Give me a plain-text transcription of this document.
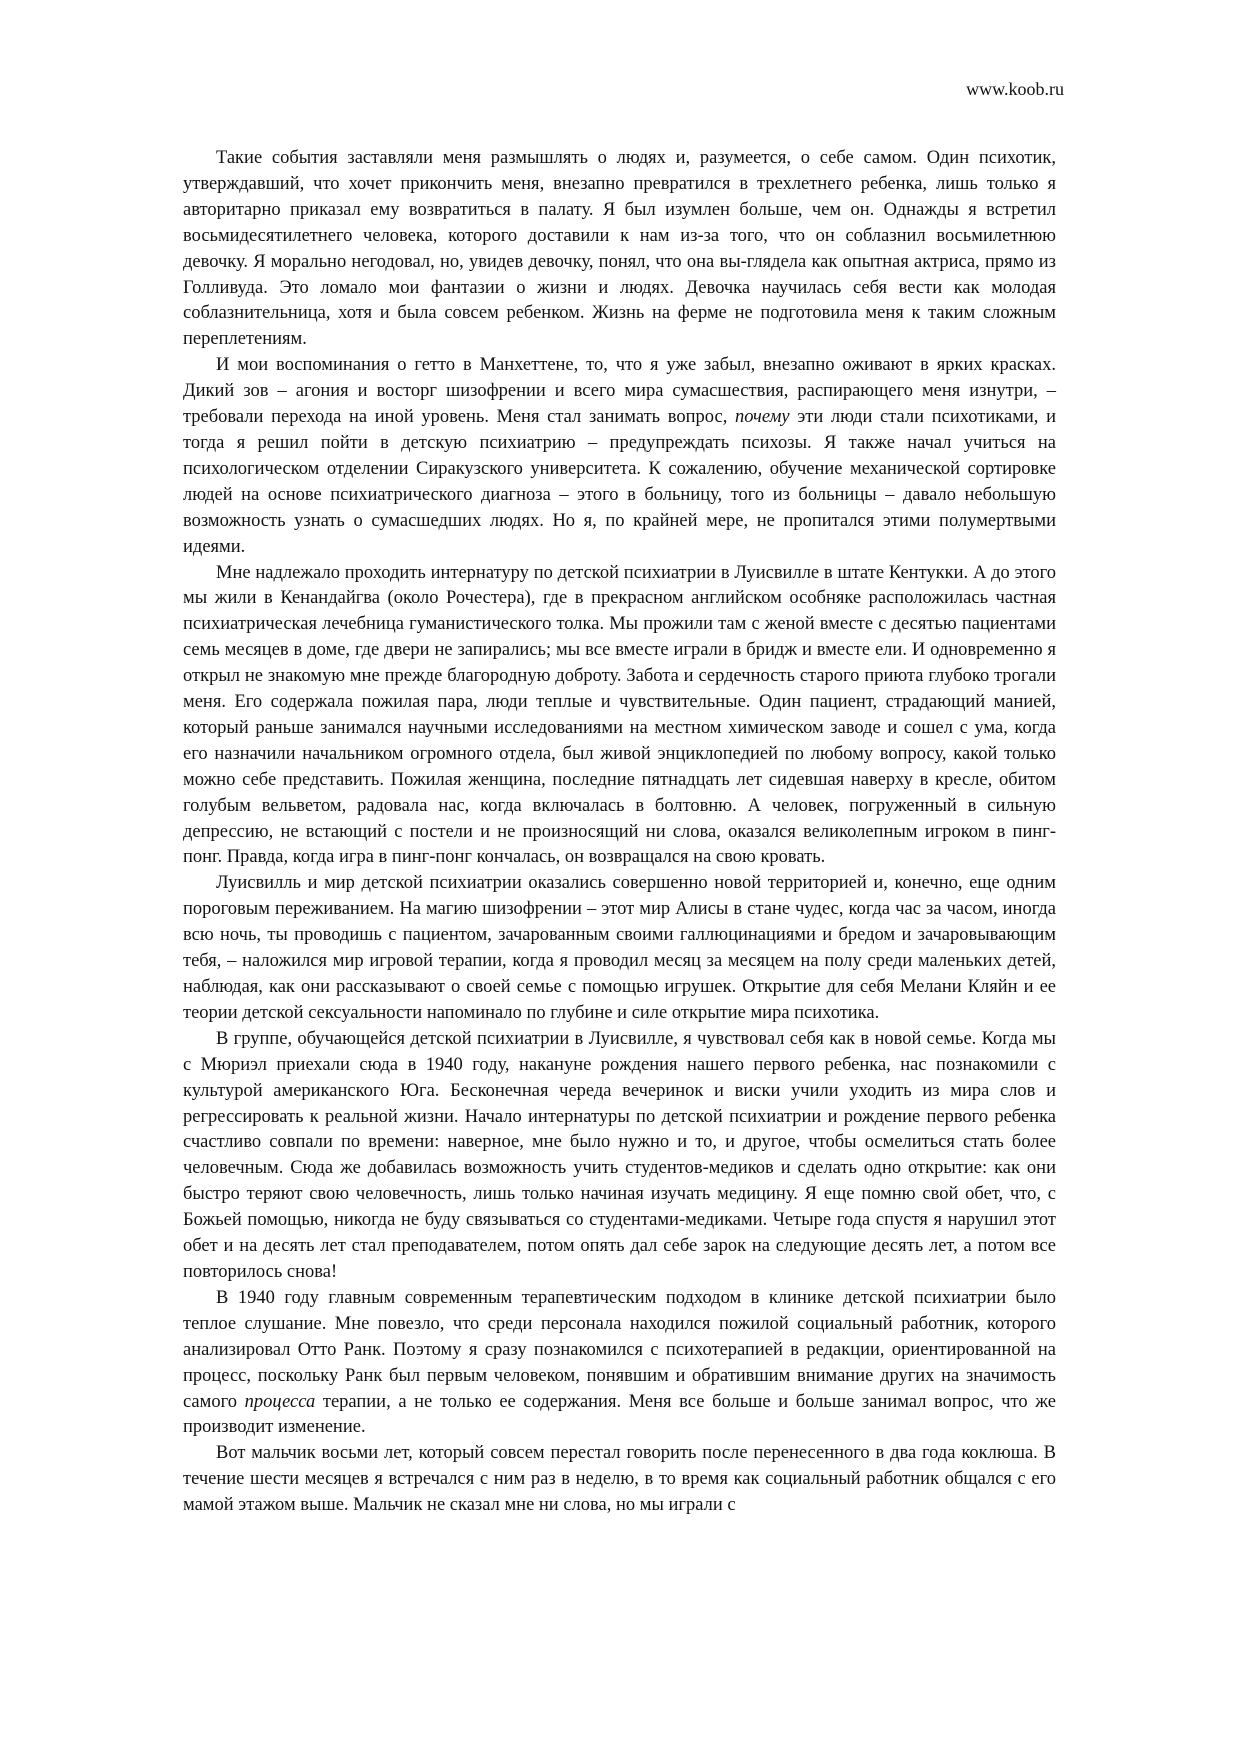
www.koob.ru

Такие события заставляли меня размышлять о людях и, разумеется, о себе самом. Один психотик, утверждавший, что хочет прикончить меня, внезапно превратился в трехлетнего ребенка, лишь только я авторитарно приказал ему возвратиться в палату. Я был изумлен больше, чем он. Однажды я встретил восьмидесятилетнего человека, которого доставили к нам из-за того, что он соблазнил восьмилетнюю девочку. Я морально негодовал, но, увидев девочку, понял, что она вы-глядела как опытная актриса, прямо из Голливуда. Это ломало мои фантазии о жизни и людях. Девочка научилась себя вести как молодая соблазнительница, хотя и была совсем ребенком. Жизнь на ферме не подготовила меня к таким сложным переплетениям.

И мои воспоминания о гетто в Манхеттене, то, что я уже забыл, внезапно оживают в ярких красках. Дикий зов – агония и восторг шизофрении и всего мира сумасшествия, распирающего меня изнутри, – требовали перехода на иной уровень. Меня стал занимать вопрос, почему эти люди стали психотиками, и тогда я решил пойти в детскую психиатрию – предупреждать психозы. Я также начал учиться на психологическом отделении Сиракузского университета. К сожалению, обучение механической сортировке людей на основе психиатрического диагноза – этого в больницу, того из больницы – давало небольшую возможность узнать о сумасшедших людях. Но я, по крайней мере, не пропитался этими полумертвыми идеями.

Мне надлежало проходить интернатуру по детской психиатрии в Луисвилле в штате Кентукки. А до этого мы жили в Кенандайгва (около Рочестера), где в прекрасном английском особняке расположилась частная психиатрическая лечебница гуманистического толка. Мы прожили там с женой вместе с десятью пациентами семь месяцев в доме, где двери не запирались; мы все вместе играли в бридж и вместе ели. И одновременно я открыл не знакомую мне прежде благородную доброту. Забота и сердечность старого приюта глубоко трогали меня. Его содержала пожилая пара, люди теплые и чувствительные. Один пациент, страдающий манией, который раньше занимался научными исследованиями на местном химическом заводе и сошел с ума, когда его назначили начальником огромного отдела, был живой энциклопедией по любому вопросу, какой только можно себе представить. Пожилая женщина, последние пятнадцать лет сидевшая наверху в кресле, обитом голубым вельветом, радовала нас, когда включалась в болтовню. А человек, погруженный в сильную депрессию, не встающий с постели и не произносящий ни слова, оказался великолепным игроком в пинг-понг. Правда, когда игра в пинг-понг кончалась, он возвращался на свою кровать.

Луисвилль и мир детской психиатрии оказались совершенно новой территорией и, конечно, еще одним пороговым переживанием. На магию шизофрении – этот мир Алисы в стане чудес, когда час за часом, иногда всю ночь, ты проводишь с пациентом, зачарованным своими галлюцинациями и бредом и зачаровывающим тебя, – наложился мир игровой терапии, когда я проводил месяц за месяцем на полу среди маленьких детей, наблюдая, как они рассказывают о своей семье с помощью игрушек. Открытие для себя Мелани Кляйн и ее теории детской сексуальности напоминало по глубине и силе открытие мира психотика.

В группе, обучающейся детской психиатрии в Луисвилле, я чувствовал себя как в новой семье. Когда мы с Мюриэл приехали сюда в 1940 году, накануне рождения нашего первого ребенка, нас познакомили с культурой американского Юга. Бесконечная череда вечеринок и виски учили уходить из мира слов и регрессировать к реальной жизни. Начало интернатуры по детской психиатрии и рождение первого ребенка счастливо совпали по времени: наверное, мне было нужно и то, и другое, чтобы осмелиться стать более человечным. Сюда же добавилась возможность учить студентов-медиков и сделать одно открытие: как они быстро теряют свою человечность, лишь только начиная изучать медицину. Я еще помню свой обет, что, с Божьей помощью, никогда не буду связываться со студентами-медиками. Четыре года спустя я нарушил этот обет и на десять лет стал преподавателем, потом опять дал себе зарок на следующие десять лет, а потом все повторилось снова!

В 1940 году главным современным терапевтическим подходом в клинике детской психиатрии было теплое слушание. Мне повезло, что среди персонала находился пожилой социальный работник, которого анализировал Отто Ранк. Поэтому я сразу познакомился с психотерапией в редакции, ориентированной на процесс, поскольку Ранк был первым человеком, понявшим и обратившим внимание других на значимость самого процесса терапии, а не только ее содержания. Меня все больше и больше занимал вопрос, что же производит изменение.

Вот мальчик восьми лет, который совсем перестал говорить после перенесенного в два года коклюша. В течение шести месяцев я встречался с ним раз в неделю, в то время как социальный работник общался с его мамой этажом выше. Мальчик не сказал мне ни слова, но мы играли с
